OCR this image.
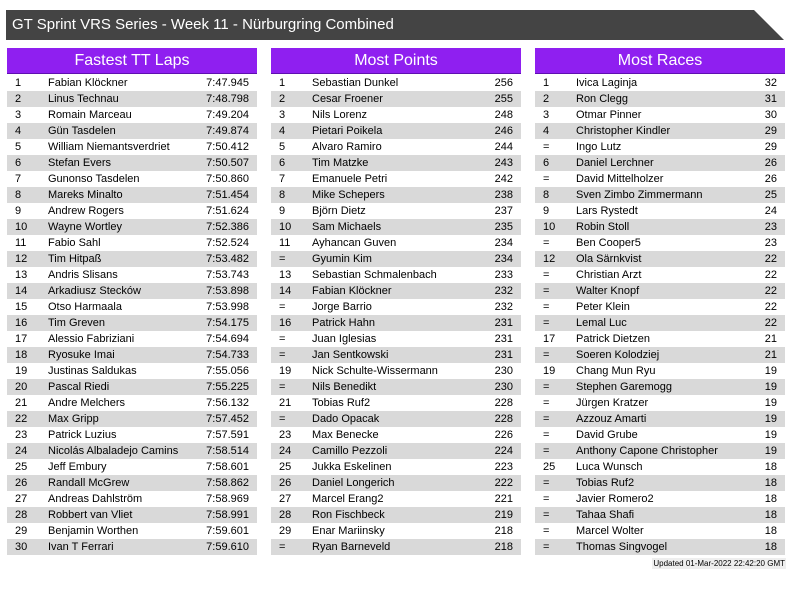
GT Sprint VRS Series - Week 11 - Nürburgring Combined
Fastest TT Laps
1 Fabian Klöckner	7:47.945
2 Linus Technau	7:48.798
3 Romain Marceau	7:49.204
4 Gün Tasdelen	7:49.874
5 William Niemantsverdriet	7:50.412
6 Stefan Evers	7:50.507
7 Gunonso Tasdelen	7:50.860
8 Mareks Minalto	7:51.454
9 Andrew Rogers	7:51.624
10 Wayne Wortley	7:52.386
11 Fabio Sahl	7:52.524
12 Tim Hitpaß	7:53.482
13 Andris Slisans	7:53.743
14 Arkadiusz Stecków	7:53.898
15 Otso Harmaala	7:53.998
16 Tim Greven	7:54.175
17 Alessio Fabriziani	7:54.694
18 Ryosuke Imai	7:54.733
19 Justinas Saldukas	7:55.056
20 Pascal Riedi	7:55.225
21 Andre Melchers	7:56.132
22 Max Gripp	7:57.452
23 Patrick Luzius	7:57.591
24 Nicolás Albaladejo Camins	7:58.514
25 Jeff Embury	7:58.601
26 Randall McGrew	7:58.862
27 Andreas Dahlström	7:58.969
28 Robbert van Vliet	7:58.991
29 Benjamin Worthen	7:59.601
30 Ivan T Ferrari	7:59.610
Most Points
1 Sebastian Dunkel	256
2 Cesar Froener	255
3 Nils Lorenz	248
4 Pietari Poikela	246
5 Alvaro Ramiro	244
6 Tim Matzke	243
7 Emanuele Petri	242
8 Mike Schepers	238
9 Björn Dietz	237
10 Sam Michaels	235
11 Ayhancan Guven	234
= Gyumin Kim	234
13 Sebastian Schmalenbach	233
14 Fabian Klöckner	232
= Jorge Barrio	232
16 Patrick Hahn	231
= Juan Iglesias	231
= Jan Sentkowski	231
19 Nick Schulte-Wissermann	230
= Nils Benedikt	230
21 Tobias Ruf2	228
= Dado Opacak	228
23 Max Benecke	226
24 Camillo Pezzoli	224
25 Jukka Eskelinen	223
26 Daniel Longerich	222
27 Marcel Erang2	221
28 Ron Fischbeck	219
29 Enar Mariinsky	218
= Ryan Barneveld	218
Most Races
1 Ivica Laginja	32
2 Ron Clegg	31
3 Otmar Pinner	30
4 Christopher Kindler	29
= Ingo Lutz	29
6 Daniel Lerchner	26
= David Mittelholzer	26
8 Sven Zimbo Zimmermann	25
9 Lars Rystedt	24
10 Robin Stoll	23
= Ben Cooper5	23
12 Ola Särnkvist	22
= Christian Arzt	22
= Walter Knopf	22
= Peter Klein	22
= Lemal Luc	22
17 Patrick Dietzen	21
= Soeren Kolodziej	21
19 Chang Mun Ryu	19
= Stephen Garemogg	19
= Jürgen Kratzer	19
= Azzouz Amarti	19
= David Grube	19
= Anthony Capone Christopher	19
25 Luca Wunsch	18
= Tobias Ruf2	18
= Javier Romero2	18
= Tahaa Shafi	18
= Marcel Wolter	18
= Thomas Singvogel	18
Updated 01-Mar-2022 22:42:20 GMT
